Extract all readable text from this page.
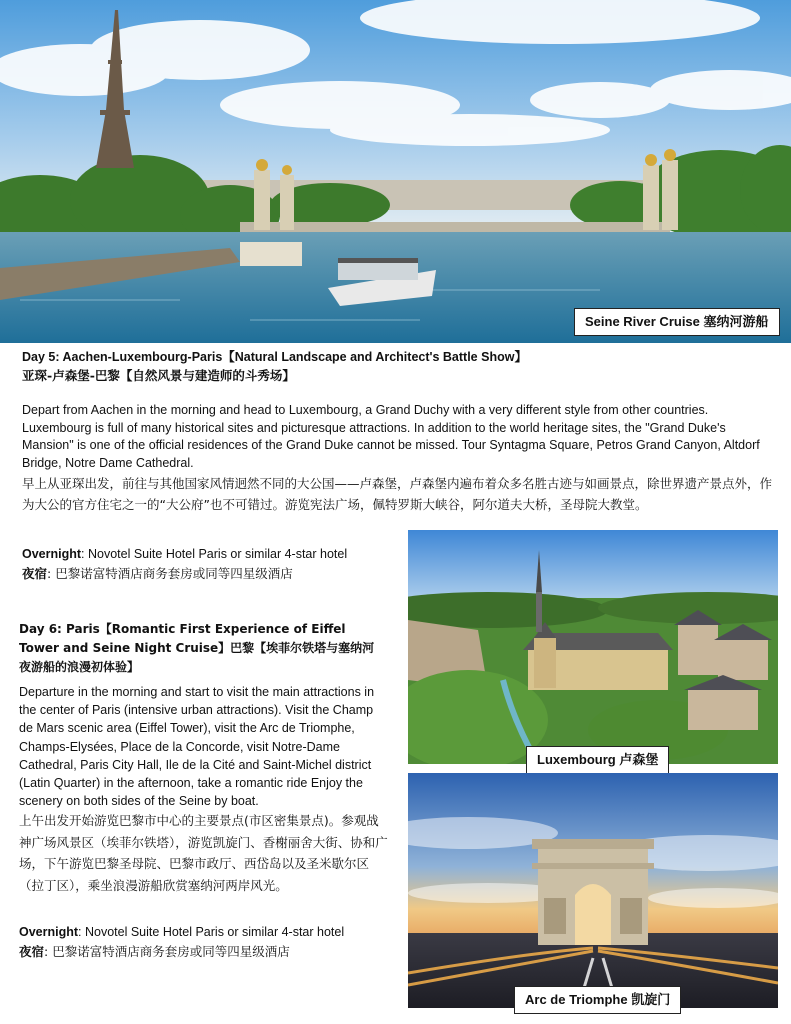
Seine River Cruise 塞纳河游船
Day 5: Aachen-Luxembourg-Paris【Natural Landscape and Architect's Battle Show】
亚琛-卢森堡-巴黎【自然风景与建造师的斗秀场】
Depart from Aachen in the morning and head to Luxembourg, a Grand Duchy with a very different style from other countries. Luxembourg is full of many historical sites and picturesque attractions. In addition to the world heritage sites, the "Grand Duke's Mansion" is one of the official residences of the Grand Duke cannot be missed. Tour Syntagma Square, Petros Grand Canyon, Altdorf Bridge, Notre Dame Cathedral.
早上从亚琛出发，前往与其他国家风情迥然不同的大公国——卢森堡，卢森堡内遍布着众多名胜古迹与如画景点，除世界遗产景点外，作为大公的官方住宅之一的“大公府”也不可错过。游览宪法广场，佩特罗斯大峡谷，阿尔道夫大桥，圣母院大教堂。
Overnight: Novotel Suite Hotel Paris or similar 4-star hotel
夜宿: 巴黎诺富特酒店商务套房或同等四星级酒店
Day 6: Paris【Romantic First Experience of Eiffel Tower and Seine Night Cruise】巴黎【埃菲尔铁塔与塞纳河夜游船的浪漫初体验】
Departure in the morning and start to visit the main attractions in the center of Paris (intensive urban attractions). Visit the Champ de Mars scenic area (Eiffel Tower), visit the Arc de Triomphe, Champs-Elysées, Place de la Concorde, visit Notre-Dame Cathedral, Paris City Hall, Ile de la Cité and Saint-Michel district (Latin Quarter) in the afternoon, take a romantic ride Enjoy the scenery on both sides of the Seine by boat.
上午出发开始游览巴黎市中心的主要景点(市区密集景点)。参观战神广场风景区（埃菲尔铁塔），游览凯旋门、香榭丽舍大街、协和广场，下午游览巴黎圣母院、巴黎市政厅、西岱岛以及圣米歇尔区（拉丁区），乘坐浪漫游船欣赏塞纳河两岸风光。
Overnight: Novotel Suite Hotel Paris or similar 4-star hotel
夜宿: 巴黎诺富特酒店商务套房或同等四星级酒店
Luxembourg 卢森堡
Arc de Triomphe 凯旋门
